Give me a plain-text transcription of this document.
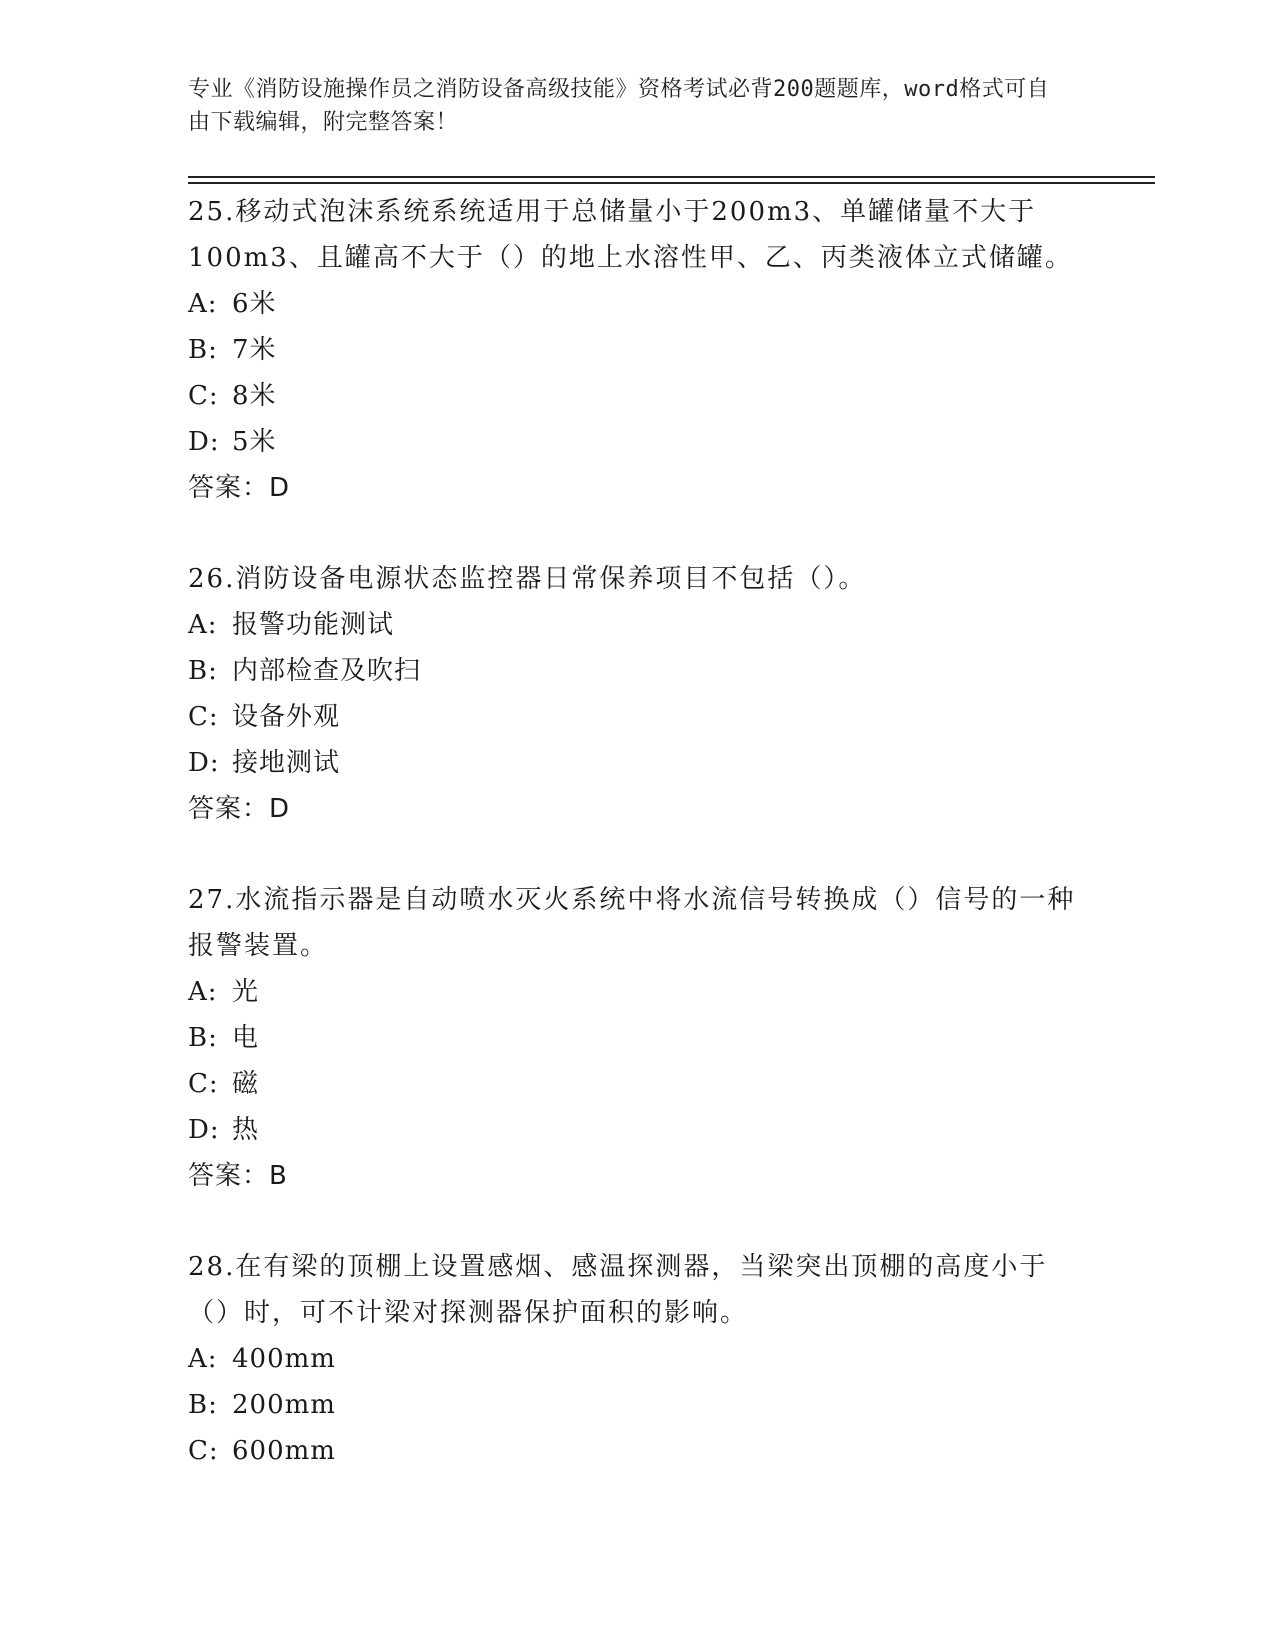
专业《消防设施操作员之消防设备高级技能》资格考试必背200题题库，word格式可自由下载编辑，附完整答案！

25.移动式泡沫系统系统适用于总储量小于200m3、单罐储量不大于100m3、且罐高不大于（）的地上水溶性甲、乙、丙类液体立式储罐。

A: 6米
B: 7米
C: 8米
D: 5米
答案：D

26.消防设备电源状态监控器日常保养项目不包括（）。

A: 报警功能测试
B: 内部检查及吹扫
C: 设备外观
D: 接地测试
答案：D

27.水流指示器是自动喷水灭火系统中将水流信号转换成（）信号的一种报警装置。

A: 光
B: 电
C: 磁
D: 热
答案：B

28.在有梁的顶棚上设置感烟、感温探测器，当梁突出顶棚的高度小于（）时，可不计梁对探测器保护面积的影响。

A: 400mm
B: 200mm
C: 600mm
